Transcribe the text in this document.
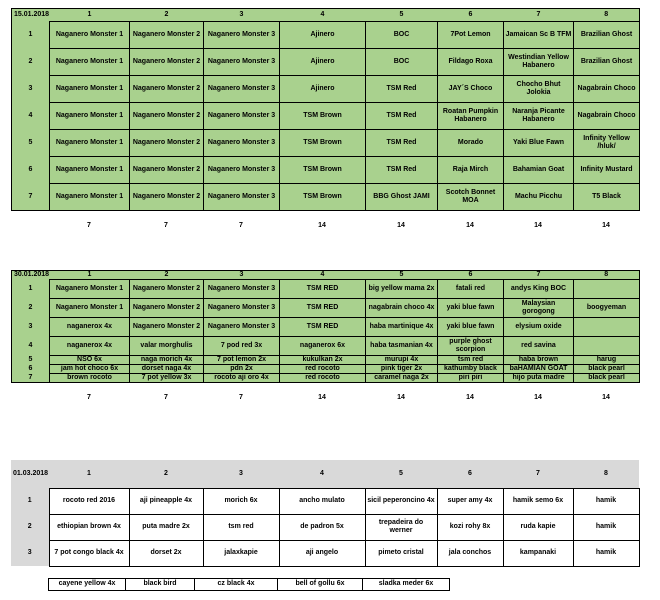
15.01.2018	1	2	3	4	5	6	7	8
1	Naganero Monster 1	Naganero Monster 2	Naganero Monster 3	Ajinero	BOC	7Pot Lemon	Jamaican Sc B TFM	Brazilian Ghost
2	Naganero Monster 1	Naganero Monster 2	Naganero Monster 3	Ajinero	BOC	Fildago Roxa	Westindian Yellow Habanero	Brazilian Ghost
3	Naganero Monster 1	Naganero Monster 2	Naganero Monster 3	Ajinero	TSM Red	JAY´S Choco	Chocho Bhut Jolokia	Nagabrain Choco
4	Naganero Monster 1	Naganero Monster 2	Naganero Monster 3	TSM Brown	TSM Red	Roatan Pumpkin Habanero	Naranja Picante Habanero	Nagabrain Choco
5	Naganero Monster 1	Naganero Monster 2	Naganero Monster 3	TSM Brown	TSM Red	Morado	Yaki Blue Fawn	Infinity Yellow /hluk/
6	Naganero Monster 1	Naganero Monster 2	Naganero Monster 3	TSM Brown	TSM Red	Raja Mirch	Bahamian Goat	Infinity Mustard
7	Naganero Monster 1	Naganero Monster 2	Naganero Monster 3	TSM Brown	BBG Ghost JAMI	Scotch Bonnet MOA	Machu Picchu	T5 Black
	7	7	7	14	14	14	14	14
30.01.2018	1	2	3	4	5	6	7	8
1	Naganero Monster 1	Naganero Monster 2	Naganero Monster 3	TSM RED	big yellow mama 2x	fatali red	andys King BOC	
2	Naganero Monster 1	Naganero Monster 2	Naganero Monster 3	TSM RED	nagabrain choco 4x	yaki blue fawn	Malaysian gorogong	boogyeman
3	naganerox 4x	Naganero Monster 2	Naganero Monster 3	TSM RED	haba martinique 4x	yaki blue fawn	elysium oxide	
4	naganerox 4x	valar morghulis	7 pod red 3x	naganerox 6x	haba tasmanian 4x	purple ghost scorpion	red savina	
5	NSO 6x	naga morich 4x	7 pot lemon 2x	kukulkan 2x	murupi 4x	tsm red	haba brown	harug
6	jam hot choco 6x	dorset naga 4x	pdn 2x	red rocoto	pink tiger 2x	kathumby black	baHAMIAN GOAT	black pearl
7	brown rocoto	7 pot yellow 3x	rocoto aji oro 4x	red rocoto	caramel naga 2x	piri piri	hijo puta madre	black pearl
	7	7	7	14	14	14	14	14
01.03.2018	1	2	3	4	5	6	7	8
1	rocoto red 2016	aji pineapple 4x	morich 6x	ancho mulato	sicil peperoncino 4x	super amy 4x	hamik semo 6x	hamik
2	ethiopian brown 4x	puta madre 2x	tsm red	de padron 5x	trepadeira do werner	kozi rohy 8x	ruda kapie	hamik
3	7 pot congo black 4x	dorset 2x	jalaxkapie	aji angelo	pimeto cristal	jala conchos	kampanaki	hamik
cayene yellow 4x	black bird	cz black 4x	bell of gollu 6x	sladka meder 6x
